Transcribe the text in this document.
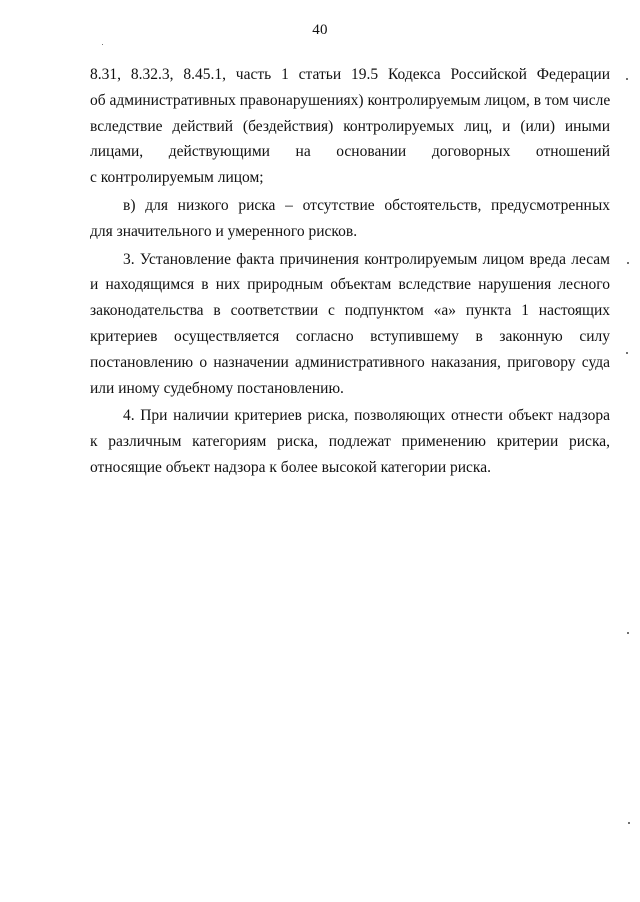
40
8.31, 8.32.3, 8.45.1, часть 1 статьи 19.5 Кодекса Российской Федерации
об административных правонарушениях) контролируемым лицом, в том числе
вследствие действий (бездействия) контролируемых лиц, и (или) иными
лицами, действующими на основании договорных отношений
с контролируемым лицом;
в) для низкого риска – отсутствие обстоятельств, предусмотренных
для значительного и умеренного рисков.
3. Установление факта причинения контролируемым лицом вреда лесам
и находящимся в них природным объектам вследствие нарушения лесного
законодательства в соответствии с подпунктом «а» пункта 1 настоящих
критериев осуществляется согласно вступившему в законную силу
постановлению о назначении административного наказания, приговору суда
или иному судебному постановлению.
4. При наличии критериев риска, позволяющих отнести объект надзора
к различным категориям риска, подлежат применению критерии риска,
относящие объект надзора к более высокой категории риска.
